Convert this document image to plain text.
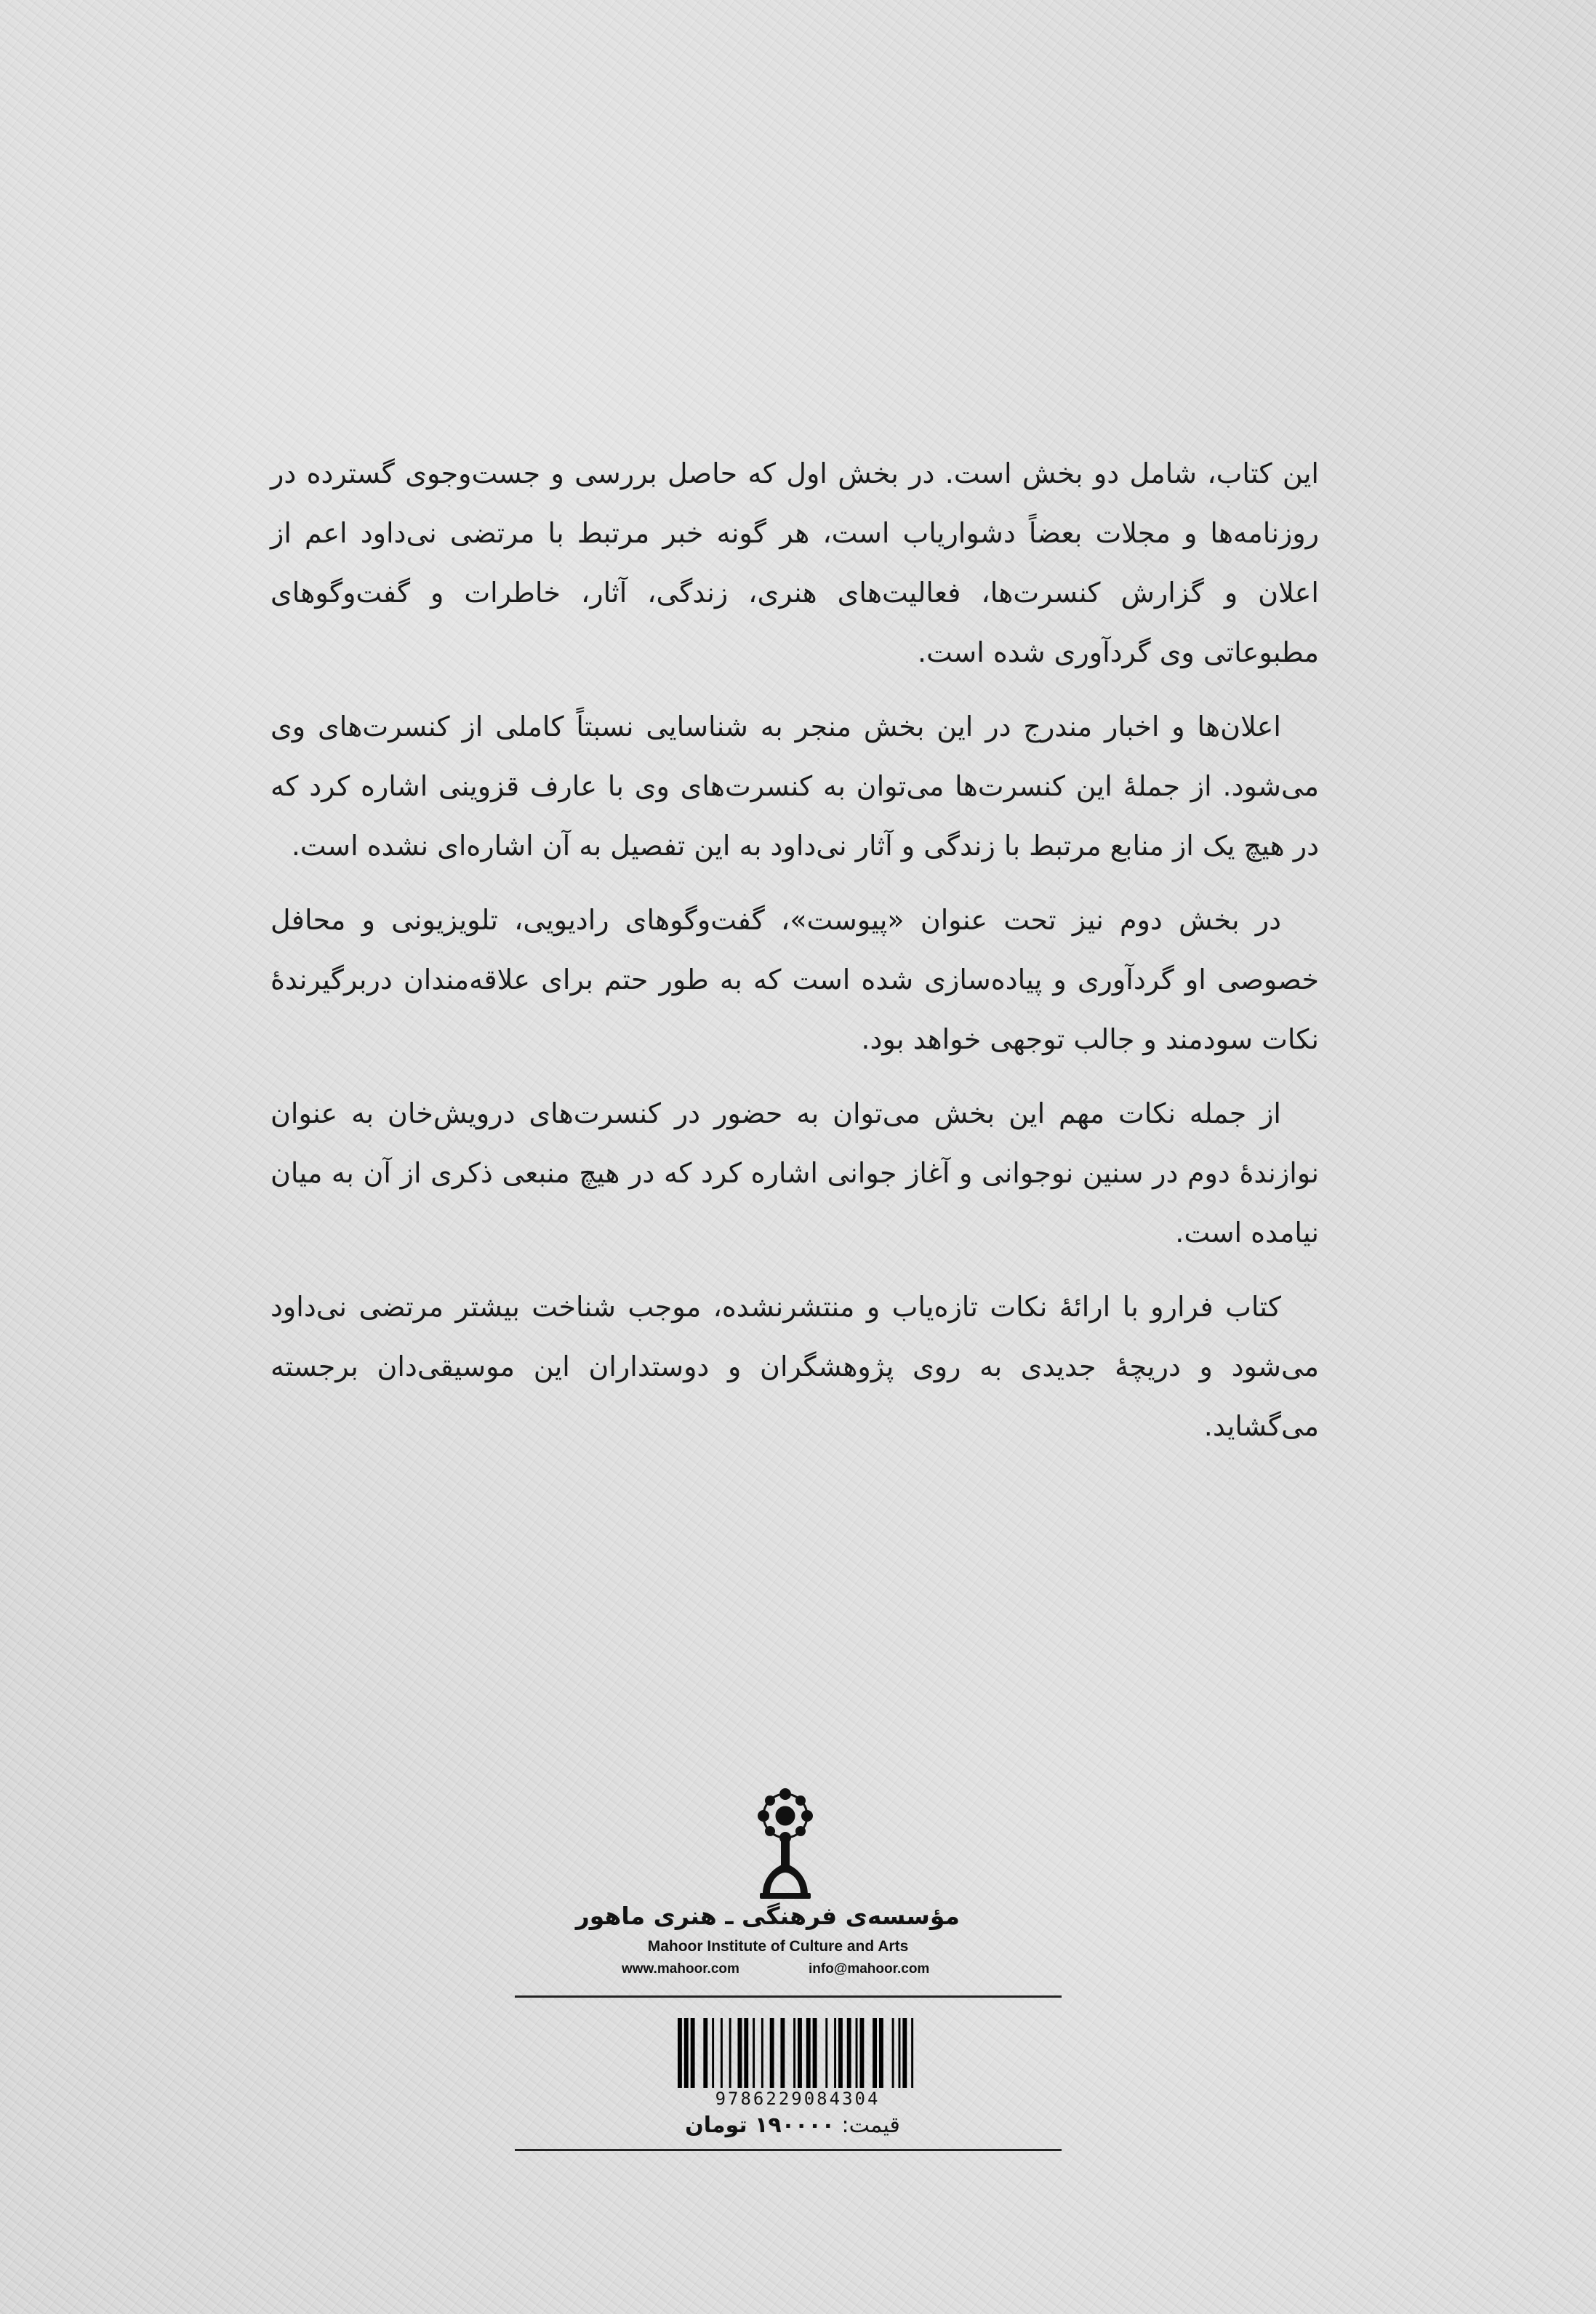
این کتاب، شامل دو بخش است. در بخش اول که حاصل بررسی و جست‌وجوی گسترده در روزنامه‌ها و مجلات بعضاً دشواریاب است، هر گونه خبر مرتبط با مرتضی نی‌داود اعم از اعلان و گزارش کنسرت‌ها، فعالیت‌های هنری، زندگی، آثار، خاطرات و گفت‌وگوهای مطبوعاتی وی گردآوری شده است.

اعلان‌ها و اخبار مندرج در این بخش منجر به شناسایی نسبتاً کاملی از کنسرت‌های وی می‌شود. از جملهٔ این کنسرت‌ها می‌توان به کنسرت‌های وی با عارف قزوینی اشاره کرد که در هیچ یک از منابع مرتبط با زندگی و آثار نی‌داود به این تفصیل به آن اشاره‌ای نشده است.

در بخش دوم نیز تحت عنوان «پیوست»، گفت‌وگوهای رادیویی، تلویزیونی و محافل خصوصی او گردآوری و پیاده‌سازی شده است که به طور حتم برای علاقه‌مندان دربرگیرندهٔ نکات سودمند و جالب توجهی خواهد بود.

از جمله نکات مهم این بخش می‌توان به حضور در کنسرت‌های درویش‌خان به عنوان نوازندهٔ دوم در سنین نوجوانی و آغاز جوانی اشاره کرد که در هیچ منبعی ذکری از آن به میان نیامده است.

کتاب فرارو با ارائهٔ نکات تازه‌یاب و منتشرنشده، موجب شناخت بیشتر مرتضی نی‌داود می‌شود و دریچهٔ جدیدی به روی پژوهشگران و دوستداران این موسیقی‌دان برجسته می‌گشاید.

مؤسسه‌ی فرهنگی ـ هنری ماهور
Mahoor Institute of Culture and Arts
www.mahoor.com	info@mahoor.com
9786229084304
قیمت: ۱۹۰۰۰۰ تومان
